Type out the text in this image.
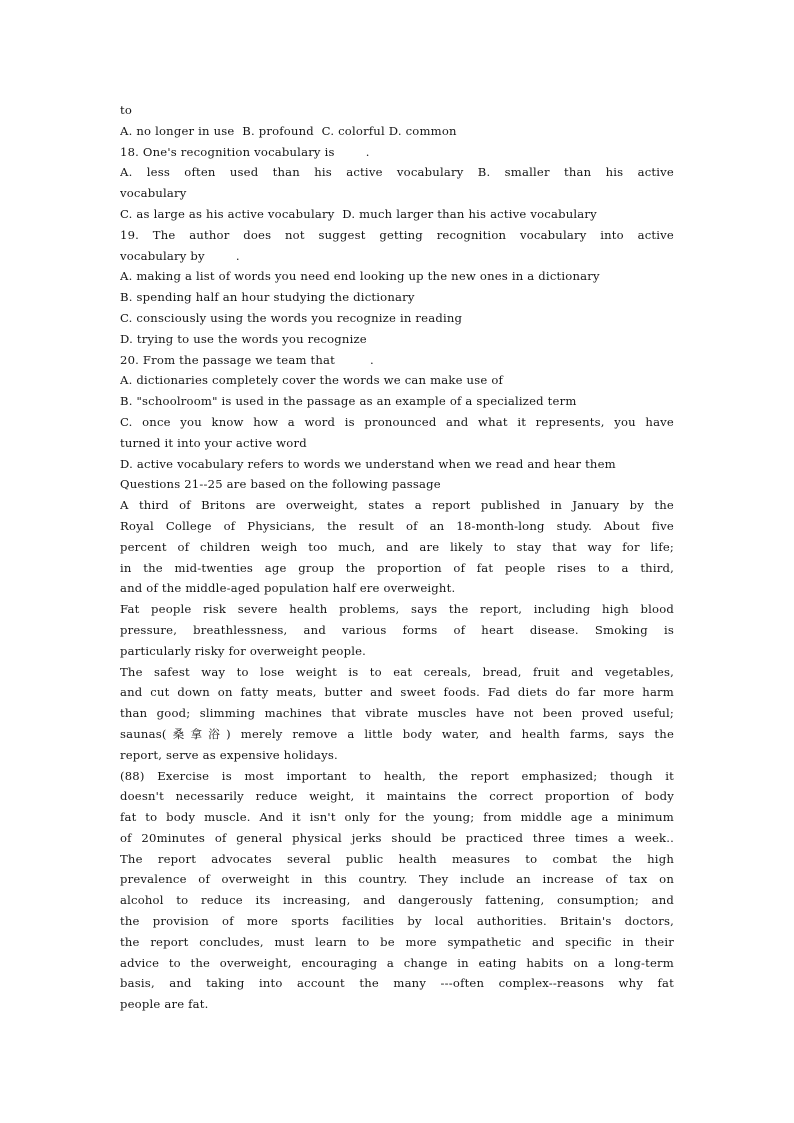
to
A. no longer in use  B. profound  C. colorful D. common
18. One's recognition vocabulary is        .
A. less often used than his active vocabulary B. smaller than his active
vocabulary
C. as large as his active vocabulary  D. much larger than his active vocabulary
19. The author does not suggest getting recognition vocabulary into active
vocabulary by        .
A. making a list of words you need end looking up the new ones in a dictionary
B. spending half an hour studying the dictionary
C. consciously using the words you recognize in reading
D. trying to use the words you recognize
20. From the passage we team that         .
A. dictionaries completely cover the words we can make use of
B. "schoolroom" is used in the passage as an example of a specialized term
C. once you know how a word is pronounced and what it represents, you have
turned it into your active word
D. active vocabulary refers to words we understand when we read and hear them
Questions 21--25 are based on the following passage
A third of Britons are overweight, states a report published in January by the
Royal College of Physicians, the result of an 18-month-long study. About five
percent of children weigh too much, and are likely to stay that way for life;
in the mid-twenties age group the proportion of fat people rises to a third,
and of the middle-aged population half ere overweight.
Fat people risk severe health problems, says the report, including high blood
pressure, breathlessness, and various forms of heart disease. Smoking is
particularly risky for overweight people.
The safest way to lose weight is to eat cereals, bread, fruit and vegetables,
and cut down on fatty meats, butter and sweet foods. Fad diets do far more harm
than good; slimming machines that vibrate muscles have not been proved useful;
saunas(桑拿浴) merely remove a little body water, and health farms, says the
report, serve as expensive holidays.
(88) Exercise is most important to health, the report emphasized; though it
doesn't necessarily reduce weight, it maintains the correct proportion of body
fat to body muscle. And it isn't only for the young; from middle age a minimum
of 20minutes of general physical jerks should be practiced three times a week..
The report advocates several public health measures to combat the high
prevalence of overweight in this country. They include an increase of tax on
alcohol to reduce its increasing, and dangerously fattening, consumption; and
the provision of more sports facilities by local authorities. Britain's doctors,
the report concludes, must learn to be more sympathetic and specific in their
advice to the overweight, encouraging a change in eating habits on a long-term
basis, and taking into account the many ---often complex--reasons why fat
people are fat.
